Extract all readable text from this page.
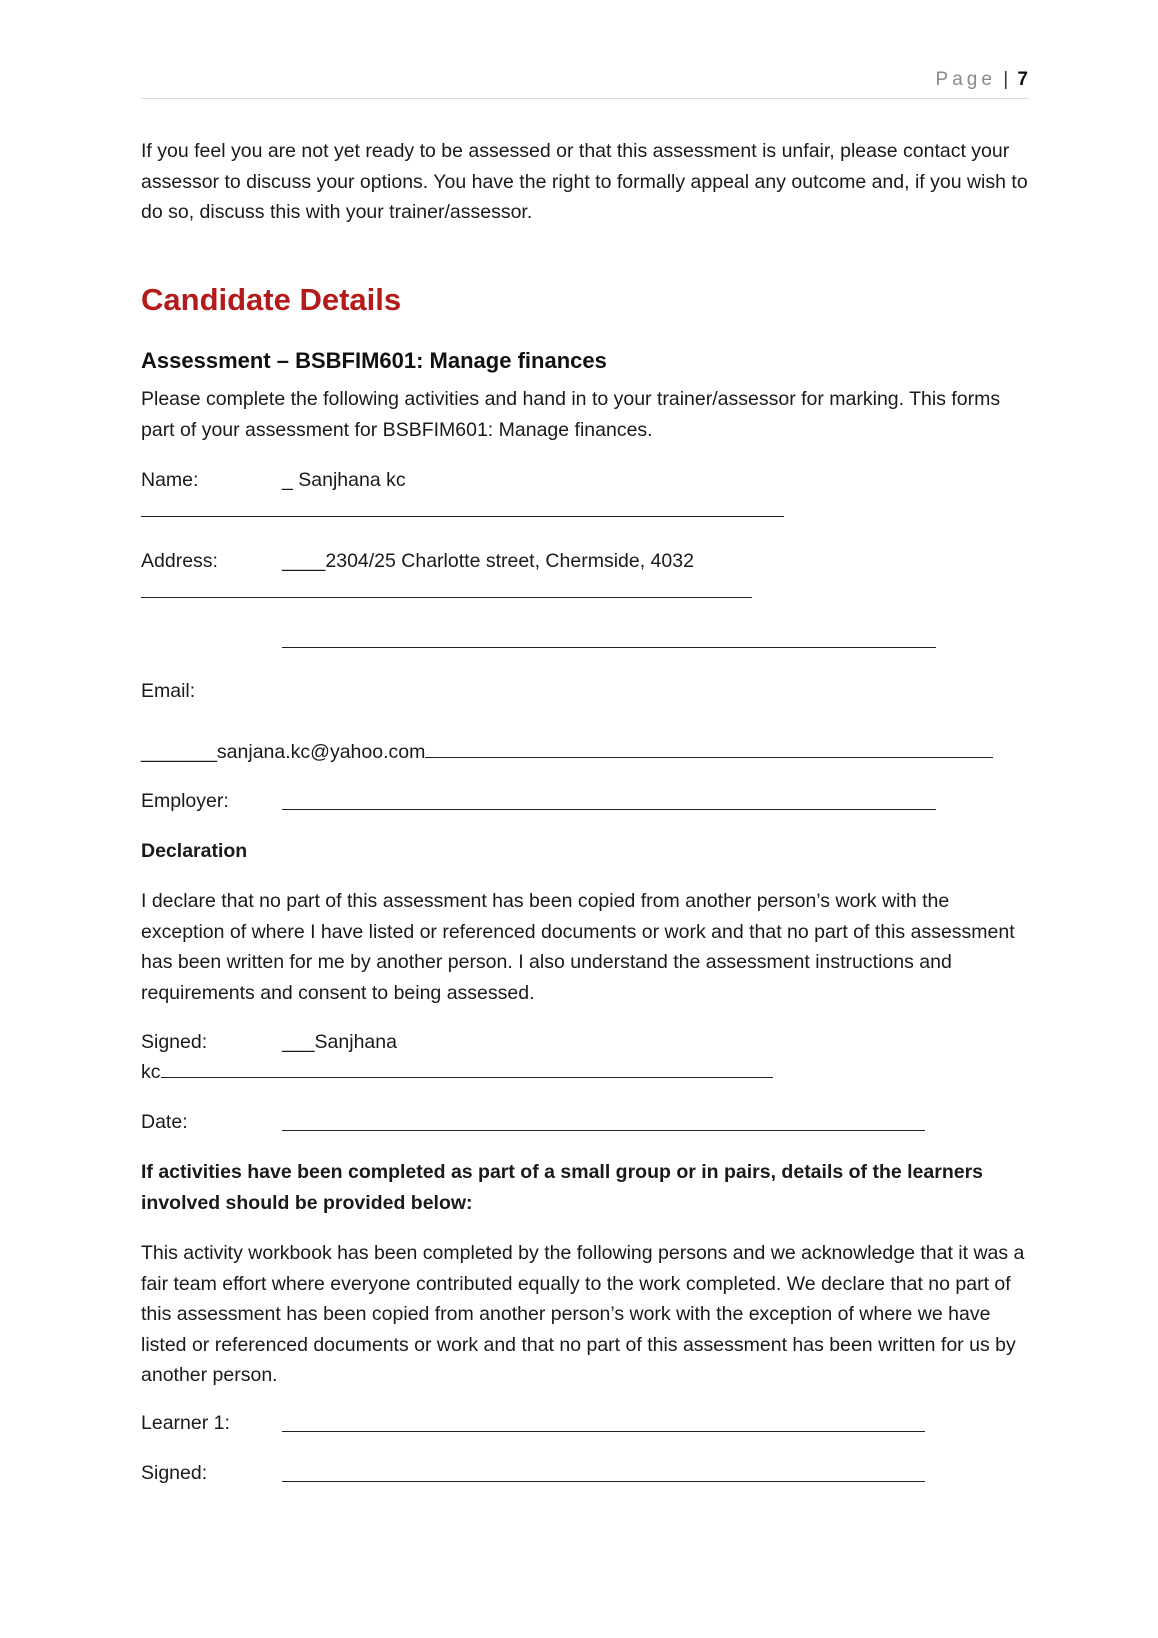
Page | 7
If you feel you are not yet ready to be assessed or that this assessment is unfair, please contact your assessor to discuss your options. You have the right to formally appeal any outcome and, if you wish to do so, discuss this with your trainer/assessor.
Candidate Details
Assessment – BSBFIM601: Manage finances
Please complete the following activities and hand in to your trainer/assessor for marking. This forms part of your assessment for BSBFIM601: Manage finances.
Name:	_ Sanjhana kc
Address:	____2304/25 Charlotte street, Chermside, 4032
Email:
_______sanjana.kc@yahoo.com
Employer:
Declaration
I declare that no part of this assessment has been copied from another person’s work with the exception of where I have listed or referenced documents or work and that no part of this assessment has been written for me by another person. I also understand the assessment instructions and requirements and consent to being assessed.
Signed:	___Sanjhana
kc
Date:
If activities have been completed as part of a small group or in pairs, details of the learners involved should be provided below:
This activity workbook has been completed by the following persons and we acknowledge that it was a fair team effort where everyone contributed equally to the work completed. We declare that no part of this assessment has been copied from another person’s work with the exception of where we have listed or referenced documents or work and that no part of this assessment has been written for us by another person.
Learner 1:
Signed:
